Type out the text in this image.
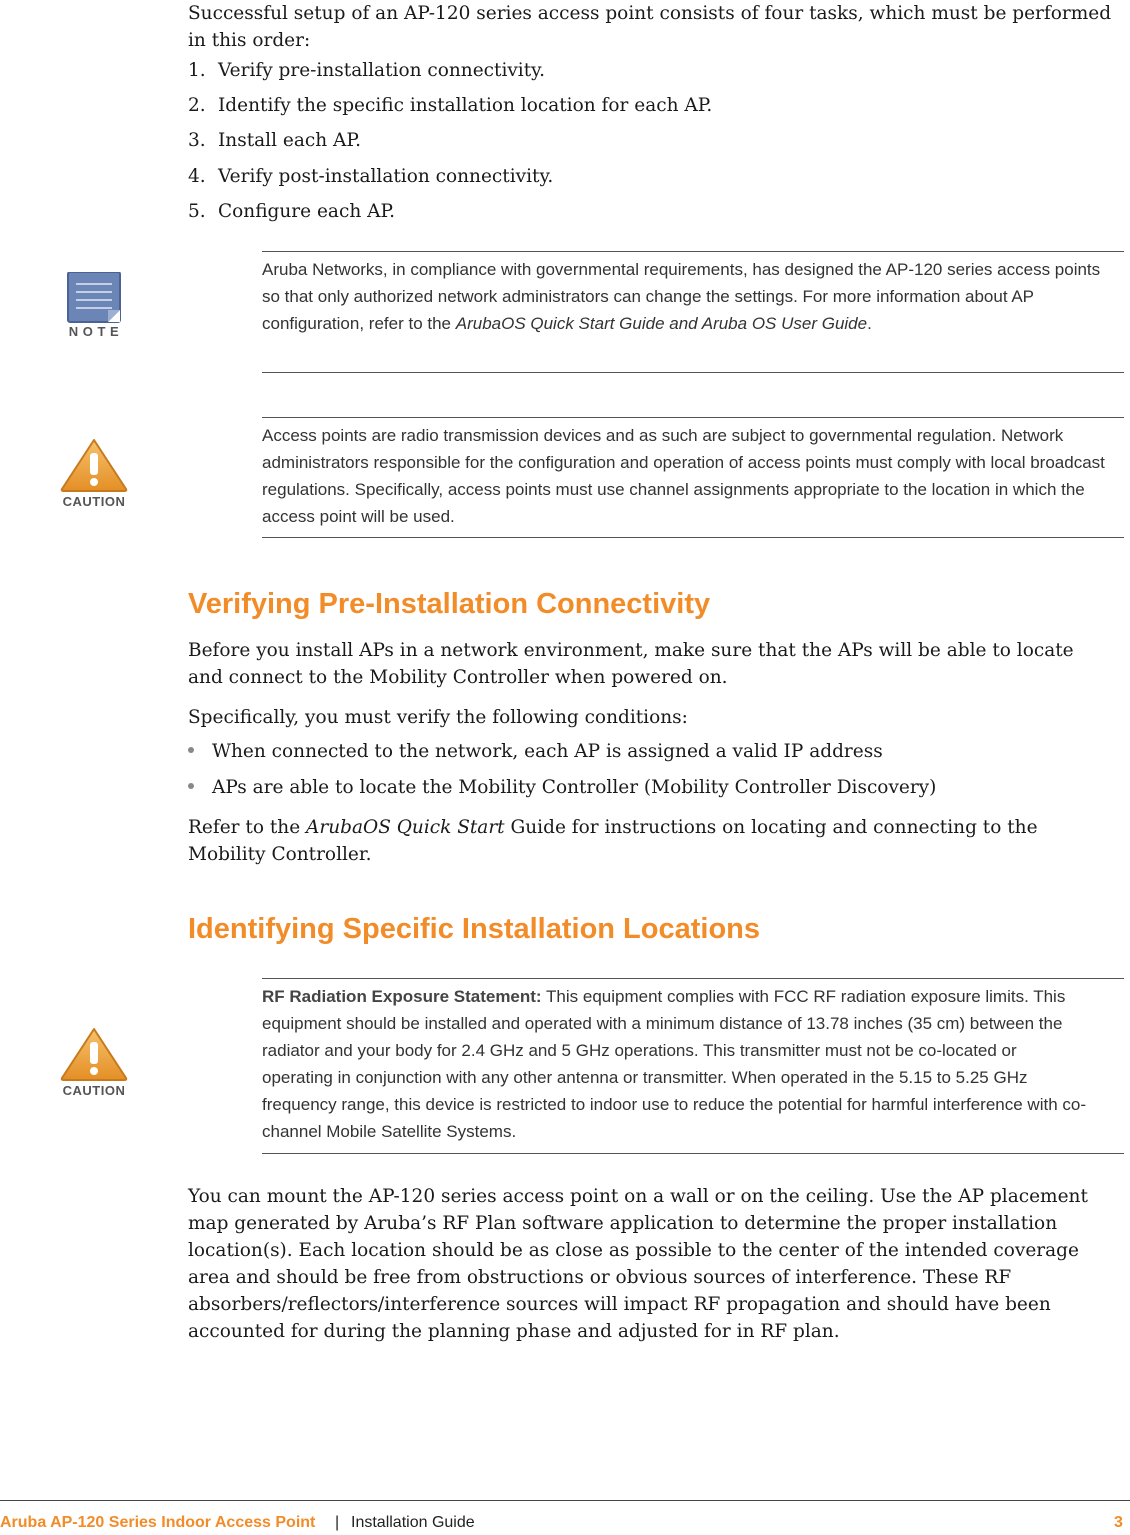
Successful setup of an AP-120 series access point consists of four tasks, which must be performed in this order:
1. Verify pre-installation connectivity.
2. Identify the specific installation location for each AP.
3. Install each AP.
4. Verify post-installation connectivity.
5. Configure each AP.
N O T E
Aruba Networks, in compliance with governmental requirements, has designed the AP-120 series access points so that only authorized network administrators can change the settings. For more information about AP configuration, refer to the ArubaOS Quick Start Guide and Aruba OS User Guide.
CAUTION
Access points are radio transmission devices and as such are subject to governmental regulation. Network administrators responsible for the configuration and operation of access points must comply with local broadcast regulations. Specifically, access points must use channel assignments appropriate to the location in which the access point will be used.
Verifying Pre-Installation Connectivity
Before you install APs in a network environment, make sure that the APs will be able to locate and connect to the Mobility Controller when powered on.
Specifically, you must verify the following conditions:
When connected to the network, each AP is assigned a valid IP address
APs are able to locate the Mobility Controller (Mobility Controller Discovery)
Refer to the ArubaOS Quick Start Guide for instructions on locating and connecting to the Mobility Controller.
Identifying Specific Installation Locations
CAUTION
RF Radiation Exposure Statement: This equipment complies with FCC RF radiation exposure limits. This equipment should be installed and operated with a minimum distance of 13.78 inches (35 cm) between the radiator and your body for 2.4 GHz and 5 GHz operations. This transmitter must not be co-located or operating in conjunction with any other antenna or transmitter. When operated in the 5.15 to 5.25 GHz frequency range, this device is restricted to indoor use to reduce the potential for harmful interference with co-channel Mobile Satellite Systems.
You can mount the AP-120 series access point on a wall or on the ceiling. Use the AP placement map generated by Aruba’s RF Plan software application to determine the proper installation location(s). Each location should be as close as possible to the center of the intended coverage area and should be free from obstructions or obvious sources of interference. These RF absorbers/reflectors/interference sources will impact RF propagation and should have been accounted for during the planning phase and adjusted for in RF plan.
Aruba AP-120 Series Indoor Access Point | Installation Guide	3
